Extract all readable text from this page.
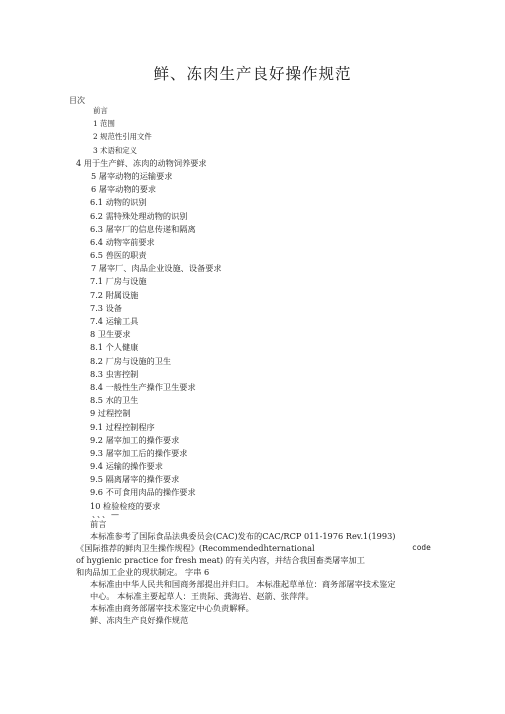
鲜、冻肉生产良好操作规范
目次
前言
1 范围
2 规范性引用文件
3 术语和定义
4 用于生产鲜、冻肉的动物饲养要求
5 屠宰动物的运输要求
6 屠宰动物的要求
6.1 动物的识别
6.2 需特殊处理动物的识别
6.3 屠宰厂的信息传递和隔离
6.4 动物宰前要求
6.5 兽医的职责
7 屠宰厂、肉品企业设施、设备要求
7.1 厂房与设施
7.2 附属设施
7.3 设备
7.4 运输工具
8 卫生要求
8.1 个人健康
8.2 厂房与设施的卫生
8.3 虫害控制
8.4 一般性生产操作卫生要求
8.5 水的卫生
9 过程控制
9.1 过程控制程序
9.2 屠宰加工的操作要求
9.3 屠宰加工后的操作要求
9.4 运输的操作要求
9.5 隔离屠宰的操作要求
9.6 不可食用肉品的操作要求
10 检验检疫的要求
、、、—
前言
本标准参考了国际食品法典委员会(CAC)发布的CAC/RCP 011-1976 Rev.1(1993)
《国际推荐的鲜肉卫生操作规程》(Recommendedhternational	code
of hygienic practice for fresh meat) 的有关内容，并结合我国畜类屠宰加工
和肉品加工企业的现状制定。 字串 6
本标准由中华人民共和国商务部提出并归口。 本标准起草单位：商务部屠宰技术鉴定
中心。 本标准主要起草人：王贵际、龚海岩、赵箭、张萍萍。
本标准由商务部屠宰技术鉴定中心负责解释。
鲜、冻肉生产良好操作规范
